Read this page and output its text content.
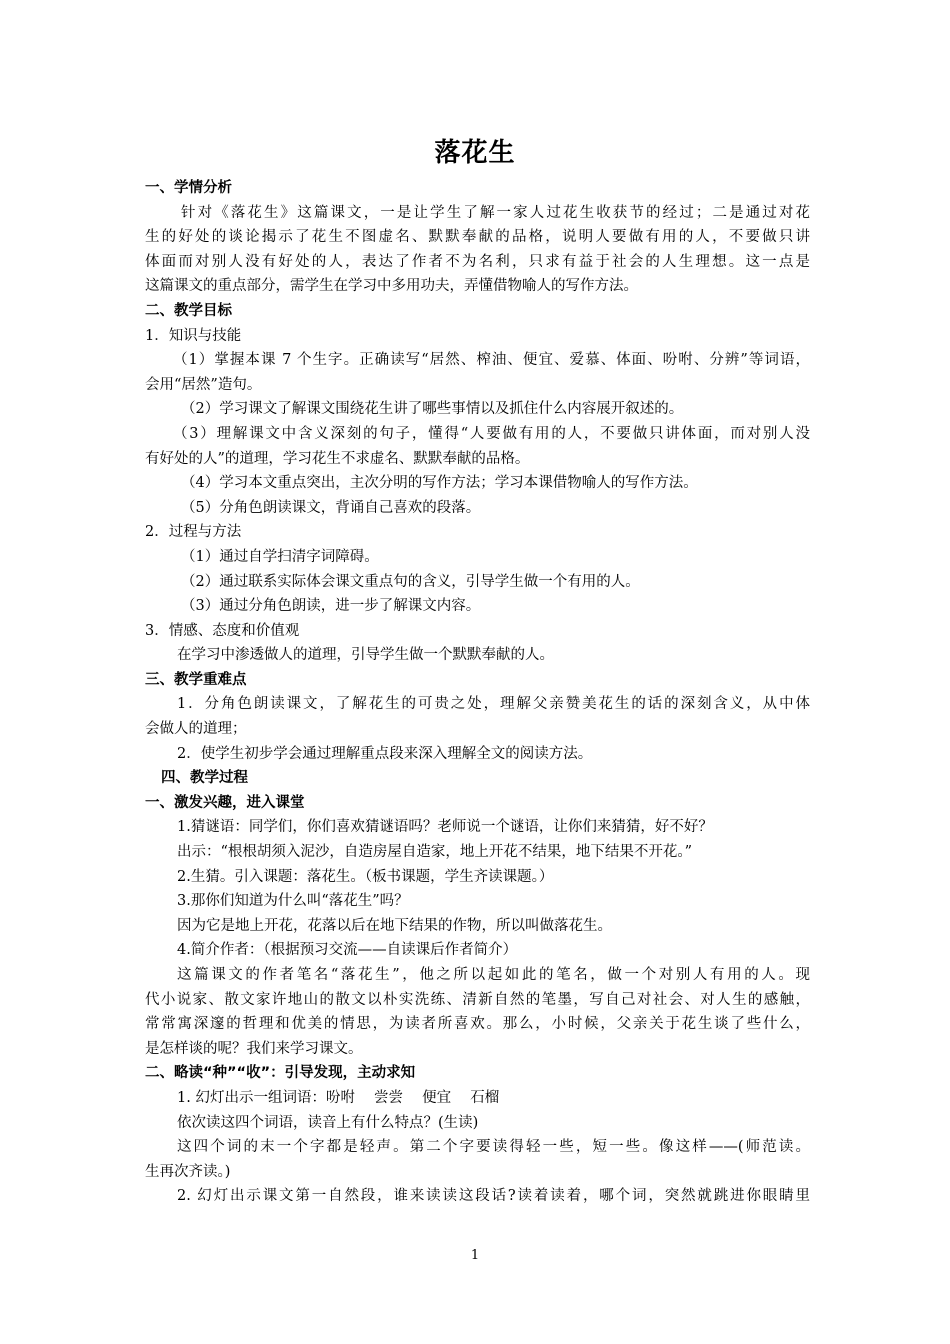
落花生
一、学情分析
针对《落花生》这篇课文，一是让学生了解一家人过花生收获节的经过；二是通过对花
生的好处的谈论揭示了花生不图虚名、默默奉献的品格，说明人要做有用的人，不要做只讲
体面而对别人没有好处的人，表达了作者不为名利，只求有益于社会的人生理想。这一点是
这篇课文的重点部分，需学生在学习中多用功夫，弄懂借物喻人的写作方法。
二、教学目标
1．知识与技能
（1）掌握本课 7 个生字。正确读写“居然、榨油、便宜、爱慕、体面、吩咐、分辨”等词语，
会用“居然”造句。
（2）学习课文了解课文围绕花生讲了哪些事情以及抓住什么内容展开叙述的。
（3）理解课文中含义深刻的句子，懂得“人要做有用的人，不要做只讲体面，而对别人没
有好处的人”的道理，学习花生不求虚名、默默奉献的品格。
（4）学习本文重点突出，主次分明的写作方法；学习本课借物喻人的写作方法。
（5）分角色朗读课文，背诵自己喜欢的段落。
2．过程与方法
（1）通过自学扫清字词障碍。
（2）通过联系实际体会课文重点句的含义，引导学生做一个有用的人。
（3）通过分角色朗读，进一步了解课文内容。
3．情感、态度和价值观
在学习中渗透做人的道理，引导学生做一个默默奉献的人。
三、教学重难点
1．分角色朗读课文，了解花生的可贵之处，理解父亲赞美花生的话的深刻含义，从中体
会做人的道理；
2．使学生初步学会通过理解重点段来深入理解全文的阅读方法。
四、教学过程
一、激发兴趣，进入课堂
1.猜谜语：同学们，你们喜欢猜谜语吗？老师说一个谜语，让你们来猜猜，好不好？
出示：“根根胡须入泥沙，自造房屋自造家，地上开花不结果，地下结果不开花。”
2.生猜。引入课题：落花生。（板书课题，学生齐读课题。）
3.那你们知道为什么叫“落花生”吗？
因为它是地上开花，花落以后在地下结果的作物，所以叫做落花生。
4.简介作者：（根据预习交流——自读课后作者简介）
这篇课文的作者笔名“落花生”，他之所以起如此的笔名，做一个对别人有用的人。现
代小说家、散文家许地山的散文以朴实洗练、清新自然的笔墨，写自己对社会、对人生的感触，
常常寓深邃的哲理和优美的情思，为读者所喜欢。那么，小时候，父亲关于花生谈了些什么，
是怎样谈的呢？我们来学习课文。
二、略读“种”“收”：引导发现，主动求知
1. 幻灯出示一组词语：吩咐　 尝尝　 便宜　 石榴
依次读这四个词语，读音上有什么特点？(生读)
这四个词的末一个字都是轻声。第二个字要读得轻一些，短一些。像这样——(师范读。
生再次齐读。)
2. 幻灯出示课文第一自然段，谁来读读这段话?读着读着，哪个词，突然就跳进你眼睛里
1
